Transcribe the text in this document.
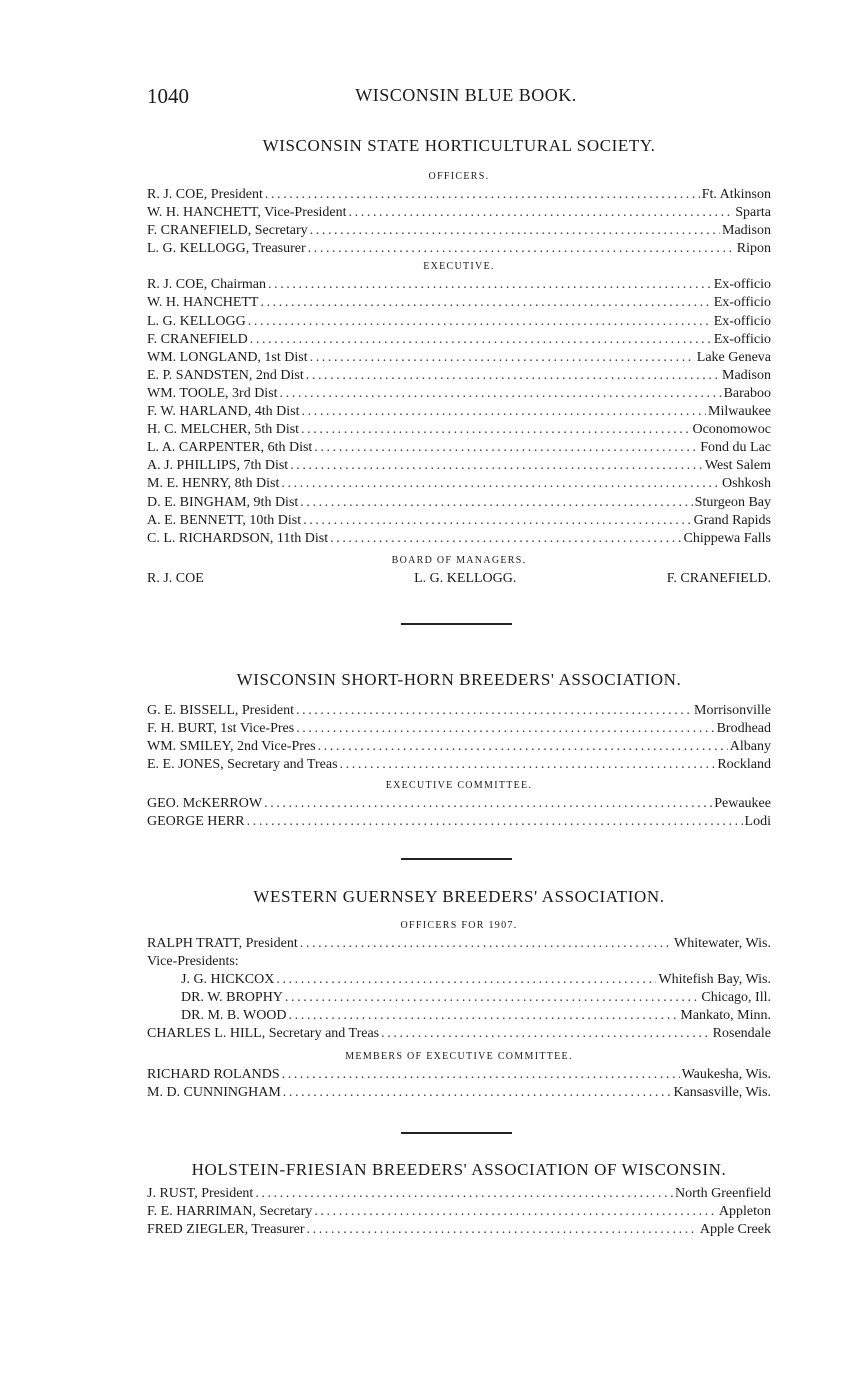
1040	WISCONSIN BLUE BOOK.
WISCONSIN STATE HORTICULTURAL SOCIETY.
OFFICERS.
R. J. COE, President .....	Ft. Atkinson
W. H. HANCHETT, Vice-President .....	Sparta
F. CRANEFIELD, Secretary .....	Madison
L. G. KELLOGG, Treasurer .....	Ripon
EXECUTIVE.
R. J. COE, Chairman .....	Ex-officio
W. H. HANCHETT .....	Ex-officio
L. G. KELLOGG .....	Ex-officio
F. CRANEFIELD .....	Ex-officio
WM. LONGLAND, 1st Dist .....	Lake Geneva
E. P. SANDSTEN, 2nd Dist .....	Madison
WM. TOOLE, 3rd Dist .....	Baraboo
F. W. HARLAND, 4th Dist .....	Milwaukee
H. C. MELCHER, 5th Dist .....	Oconomowoc
L. A. CARPENTER, 6th Dist .....	Fond du Lac
A. J. PHILLIPS, 7th Dist .....	West Salem
M. E. HENRY, 8th Dist .....	Oshkosh
D. E. BINGHAM, 9th Dist .....	Sturgeon Bay
A. E. BENNETT, 10th Dist .....	Grand Rapids
C. L. RICHARDSON, 11th Dist .....	Chippewa Falls
BOARD OF MANAGERS.
R. J. COE	L. G. KELLOGG.	F. CRANEFIELD.
WISCONSIN SHORT-HORN BREEDERS' ASSOCIATION.
G. E. BISSELL, President .....	Morrisonville
F. H. BURT, 1st Vice-Pres .....	Brodhead
WM. SMILEY, 2nd Vice-Pres .....	Albany
E. E. JONES, Secretary and Treas .....	Rockland
EXECUTIVE COMMITTEE.
GEO. McKERROW .....	Pewaukee
GEORGE HERR .....	Lodi
WESTERN GUERNSEY BREEDERS' ASSOCIATION.
OFFICERS FOR 1907.
RALPH TRATT, President .....	Whitewater, Wis.
Vice-Presidents:
J. G. HICKCOX .....	Whitefish Bay, Wis.
DR. W. BROPHY .....	Chicago, Ill.
DR. M. B. WOOD .....	Mankato, Minn.
CHARLES L. HILL, Secretary and Treas .....	Rosendale
MEMBERS OF EXECUTIVE COMMITTEE.
RICHARD ROLANDS .....	Waukesha, Wis.
M. D. CUNNINGHAM .....	Kansasville, Wis.
HOLSTEIN-FRIESIAN BREEDERS' ASSOCIATION OF WISCONSIN.
J. RUST, President .....	North Greenfield
F. E. HARRIMAN, Secretary .....	Appleton
FRED ZIEGLER, Treasurer .....	Apple Creek
